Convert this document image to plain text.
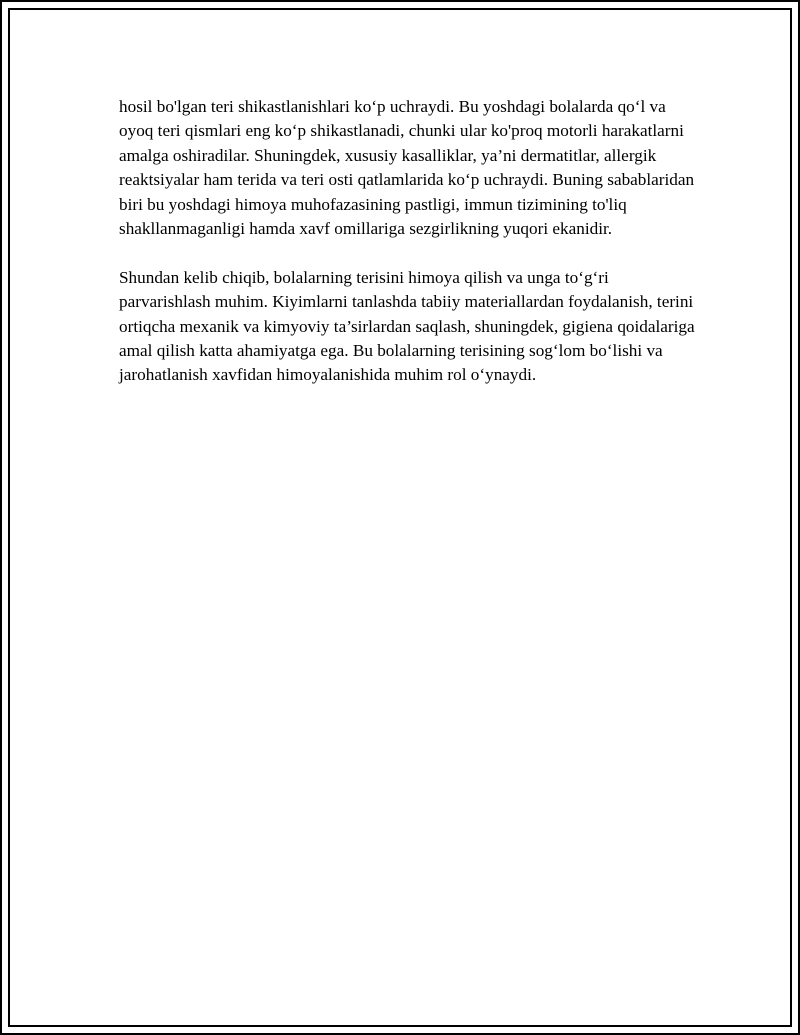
hosil bo'lgan teri shikastlanishlari ko‘p uchraydi. Bu yoshdagi bolalarda qo‘l va oyoq teri qismlari eng ko‘p shikastlanadi, chunki ular ko'proq motorli harakatlarni amalga oshiradilar. Shuningdek, xususiy kasalliklar, ya’ni dermatitlar, allergik reaktsiyalar ham terida va teri osti qatlamlarida ko‘p uchraydi. Buning sabablaridan biri bu yoshdagi himoya muhofazasining pastligi, immun tizimining to'liq shakllanmaganligi hamda xavf omillariga sezgirlikning yuqori ekanidir.

Shundan kelib chiqib, bolalarning terisini himoya qilish va unga to‘g‘ri parvarishlash muhim. Kiyimlarni tanlashda tabiiy materiallardan foydalanish, terini ortiqcha mexanik va kimyoviy ta’sirlardan saqlash, shuningdek, gigiena qoidalariga amal qilish katta ahamiyatga ega. Bu bolalarning terisining sog‘lom bo‘lishi va jarohatlanish xavfidan himoyalanishida muhim rol o‘ynaydi.
